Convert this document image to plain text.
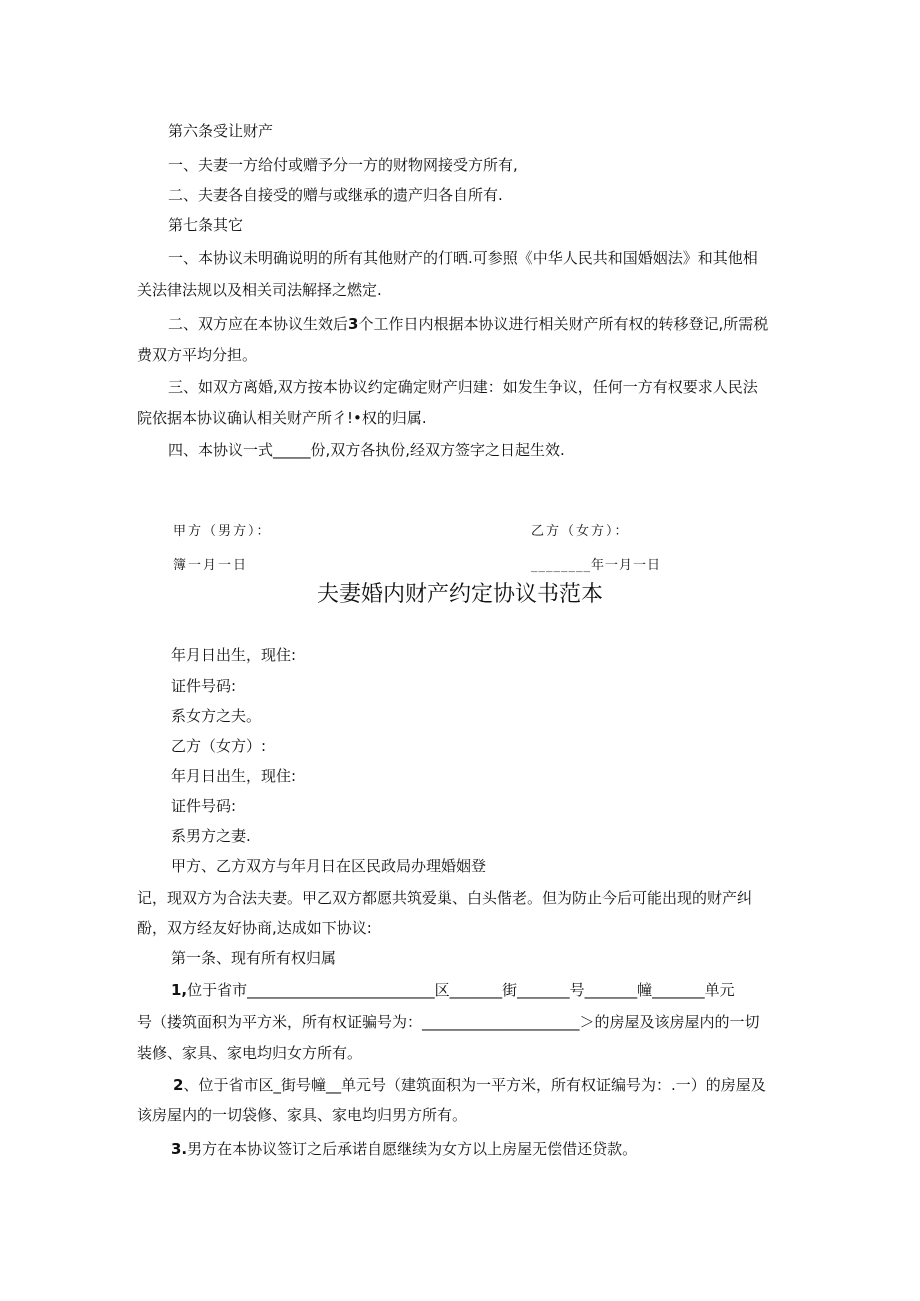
第六条受让财产
一、夫妻一方给付或赠予分一方的财物网接受方所有,
二、夫妻各自接受的赠与或继承的遗产归各自所有.
第七条其它
一、本协议未明确说明的所有其他财产的仃晒.可参照《中华人民共和国婚姻法》和其他相
关法律法规以及相关司法解择之燃定.
二、双方应在本协议生效后3个工作日内根据本协议进行相关财产所有权的转移登记,所需税
费双方平均分担。
三、如双方离婚,双方按本协议约定确定财产归建：如发生争议，任何一方有权要求人民法
院依据本协议确认相关财产所彳!•权的归属.
四、本协议一式_____份,双方各执份,经双方签字之日起生效.
甲方（男方）：	乙方（女方）：
簿一月一日	________年一月一日
夫妻婚内财产约定协议书范本
年月日出生，现住:
证件号码:
系女方之夫。
乙方（女方）:
年月日出生，现住:
证件号码:
系男方之妻.
甲方、乙方双方与年月日在区民政局办理婚姻登
记，现双方为合法夫妻。甲乙双方都愿共筑爱巢、白头偕老。但为防止今后可能出现的财产纠
酚，双方经友好协商,达成如下协议:
第一条、现有所有权归属
1,位于省市_________________________区_______街_______号_______幢_______单元
号（搂筑面积为平方米，所有权证骗号为：_____________________＞的房屋及该房屋内的一切
装修、家具、家电均归女方所有。
2、位于省市区_街号幢__单元号（建筑面积为一平方米，所有权证编号为：.一）的房屋及
该房屋内的一切袋修、家具、家电均归男方所有。
3.男方在本协议签订之后承诺自愿继续为女方以上房屋无偿借还贷款。
